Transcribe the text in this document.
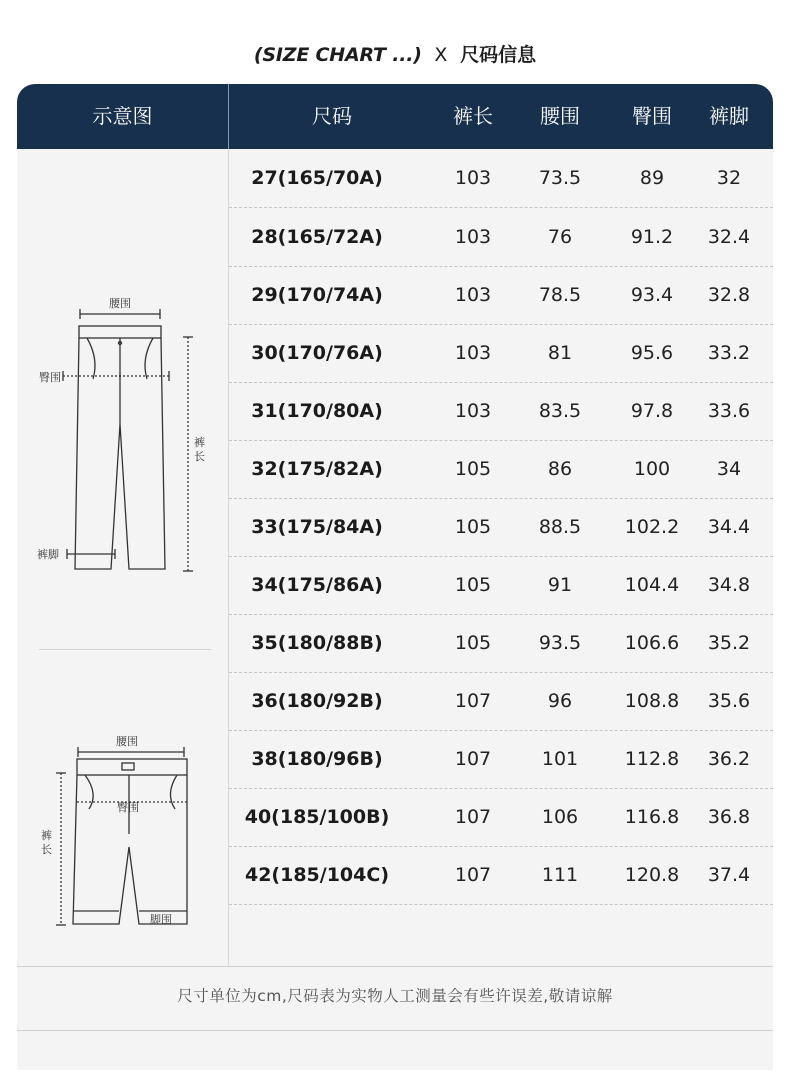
(SIZE CHART ...) X 尺码信息
示意图	尺码	裤长	腰围	臀围	裤脚
腰围
臀围
裤
长
裤脚
腰围
臀围
裤
长
脚围
27(165/70A)	103	73.5	89	32
28(165/72A)	103	76	91.2	32.4
29(170/74A)	103	78.5	93.4	32.8
30(170/76A)	103	81	95.6	33.2
31(170/80A)	103	83.5	97.8	33.6
32(175/82A)	105	86	100	34
33(175/84A)	105	88.5	102.2	34.4
34(175/86A)	105	91	104.4	34.8
35(180/88B)	105	93.5	106.6	35.2
36(180/92B)	107	96	108.8	35.6
38(180/96B)	107	101	112.8	36.2
40(185/100B)	107	106	116.8	36.8
42(185/104C)	107	111	120.8	37.4
尺寸单位为cm,尺码表为实物人工测量会有些许误差,敬请谅解
